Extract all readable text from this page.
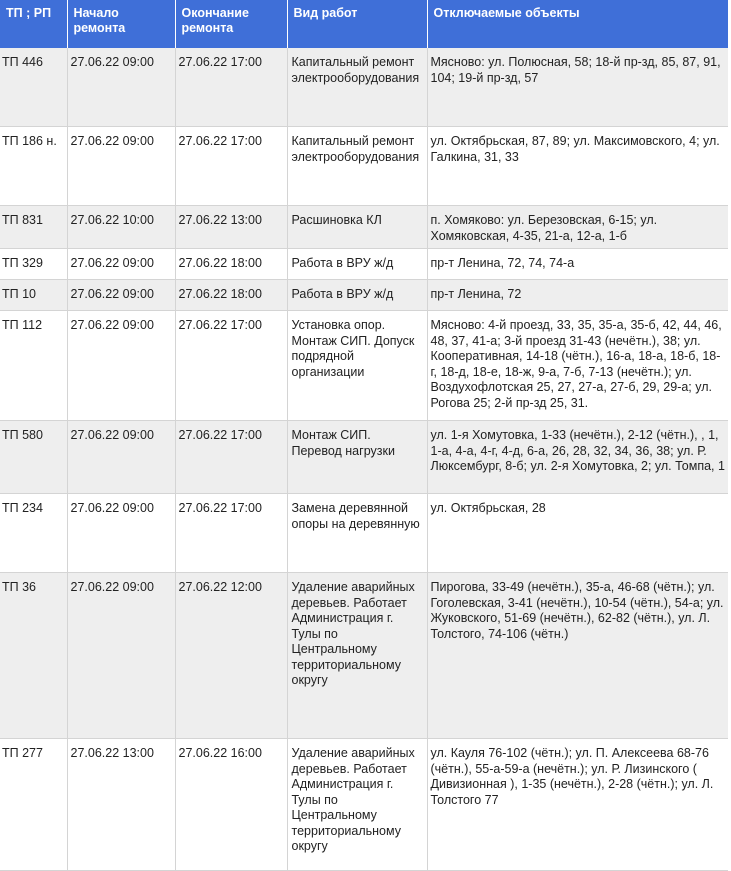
ТП ; РП	Начало ремонта	Окончание ремонта	Вид работ	Отключаемые объекты
ТП 446	27.06.22 09:00	27.06.22 17:00	Капитальный ремонт электрооборудования	Мясново: ул. Полюсная, 58; 18-й пр-зд, 85, 87, 91, 104; 19-й пр-зд, 57
ТП 186 н.	27.06.22 09:00	27.06.22 17:00	Капитальный ремонт электрооборудования	ул. Октябрьская, 87, 89; ул. Максимовского, 4; ул. Галкина, 31, 33
ТП 831	27.06.22 10:00	27.06.22 13:00	Расшиновка КЛ	п. Хомяково: ул. Березовская, 6-15; ул. Хомяковская, 4-35, 21-а, 12-а, 1-б
ТП 329	27.06.22 09:00	27.06.22 18:00	Работа в ВРУ ж/д	пр-т Ленина, 72, 74, 74-а
ТП 10	27.06.22 09:00	27.06.22 18:00	Работа в ВРУ ж/д	пр-т Ленина, 72
ТП 112	27.06.22 09:00	27.06.22 17:00	Установка опор. Монтаж СИП. Допуск подрядной организации	Мясново: 4-й проезд, 33, 35, 35-а, 35-б, 42, 44, 46, 48, 37, 41-а; 3-й проезд 31-43 (нечётн.), 38; ул. Кооперативная, 14-18 (чётн.), 16-а, 18-а, 18-б, 18-г, 18-д, 18-е, 18-ж, 9-а, 7-б, 7-13 (нечётн.); ул. Воздухофлотская 25, 27, 27-а, 27-б, 29, 29-а; ул. Рогова 25; 2-й пр-зд 25, 31.
ТП 580	27.06.22 09:00	27.06.22 17:00	Монтаж СИП. Перевод нагрузки	ул. 1-я Хомутовка, 1-33 (нечётн.), 2-12 (чётн.), , 1, 1-а, 4-а, 4-г, 4-д, 6-а, 26, 28, 32, 34, 36, 38; ул. Р. Люксембург, 8-б; ул. 2-я Хомутовка, 2; ул. Томпа, 1
ТП 234	27.06.22 09:00	27.06.22 17:00	Замена деревянной опоры на деревянную	ул. Октябрьская, 28
ТП 36	27.06.22 09:00	27.06.22 12:00	Удаление аварийных деревьев. Работает Администрация г. Тулы по Центральному территориальному округу	Пирогова, 33-49 (нечётн.), 35-а, 46-68 (чётн.); ул. Гоголевская, 3-41 (нечётн.), 10-54 (чётн.), 54-а; ул. Жуковского, 51-69 (нечётн.), 62-82 (чётн.), ул. Л. Толстого, 74-106 (чётн.)
ТП 277	27.06.22 13:00	27.06.22 16:00	Удаление аварийных деревьев. Работает Администрация г. Тулы по Центральному территориальному округу	ул. Кауля 76-102 (чётн.); ул. П. Алексеева 68-76 (чётн.), 55-а-59-а (нечётн.); ул. Р. Лизинского ( Дивизионная ), 1-35 (нечётн.), 2-28 (чётн.); ул. Л. Толстого 77
